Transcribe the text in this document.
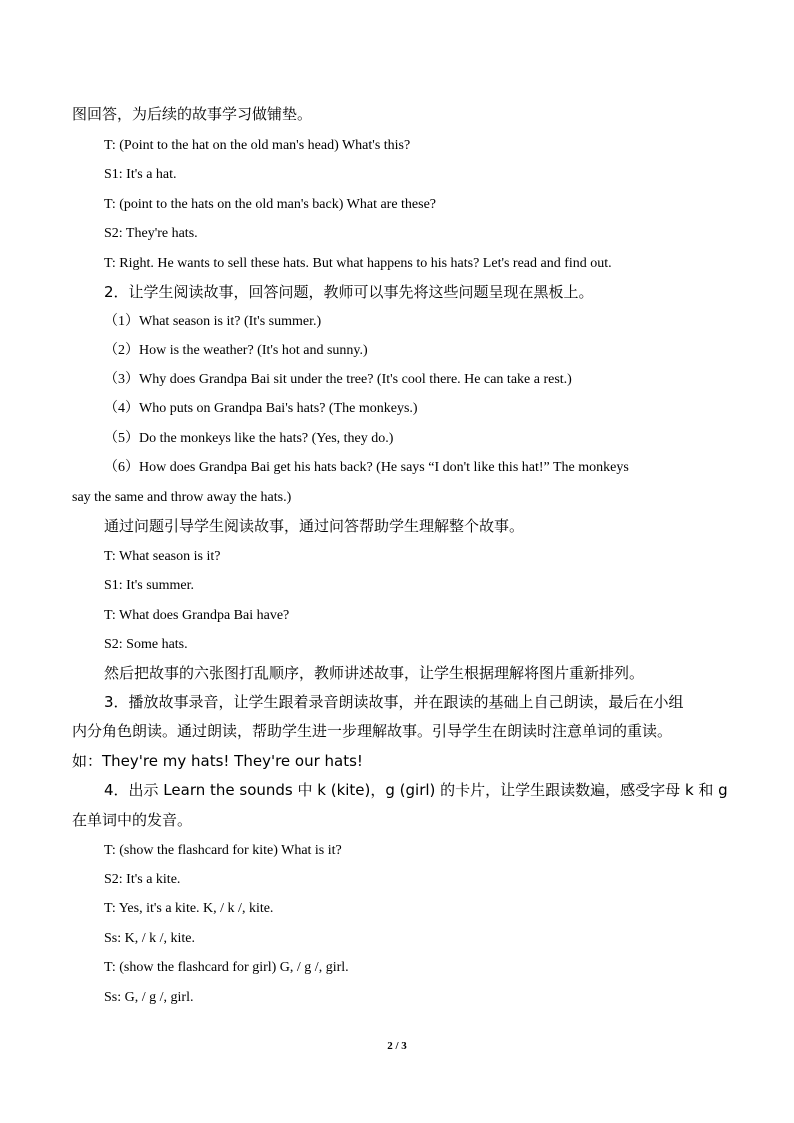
图回答，为后续的故事学习做铺垫。
T: (Point to the hat on the old man's head) What's this?
S1: It's a hat.
T: (point to the hats on the old man's back) What are these?
S2: They're hats.
T: Right. He wants to sell these hats. But what happens to his hats? Let's read and find out.
2．让学生阅读故事，回答问题，教师可以事先将这些问题呈现在黑板上。
（1）What season is it? (It's summer.)
（2）How is the weather? (It's hot and sunny.)
（3）Why does Grandpa Bai sit under the tree? (It's cool there. He can take a rest.)
（4）Who puts on Grandpa Bai's hats? (The monkeys.)
（5）Do the monkeys like the hats? (Yes, they do.)
（6）How does Grandpa Bai get his hats back? (He says “I don't like this hat!” The monkeys
say the same and throw away the hats.)
通过问题引导学生阅读故事，通过问答帮助学生理解整个故事。
T: What season is it?
S1: It's summer.
T: What does Grandpa Bai have?
S2: Some hats.
然后把故事的六张图打乱顺序，教师讲述故事，让学生根据理解将图片重新排列。
3．播放故事录音，让学生跟着录音朗读故事，并在跟读的基础上自己朗读，最后在小组
内分角色朗读。通过朗读，帮助学生进一步理解故事。引导学生在朗读时注意单词的重读。
如：They're my hats! They're our hats!
4．出示 Learn the sounds 中 k (kite)，g (girl) 的卡片，让学生跟读数遍，感受字母 k 和 g
在单词中的发音。
T: (show the flashcard for kite) What is it?
S2: It's a kite.
T: Yes, it's a kite. K, / k /, kite.
Ss: K, / k /, kite.
T: (show the flashcard for girl) G, / g /, girl.
Ss: G, / g /, girl.
2 / 3
